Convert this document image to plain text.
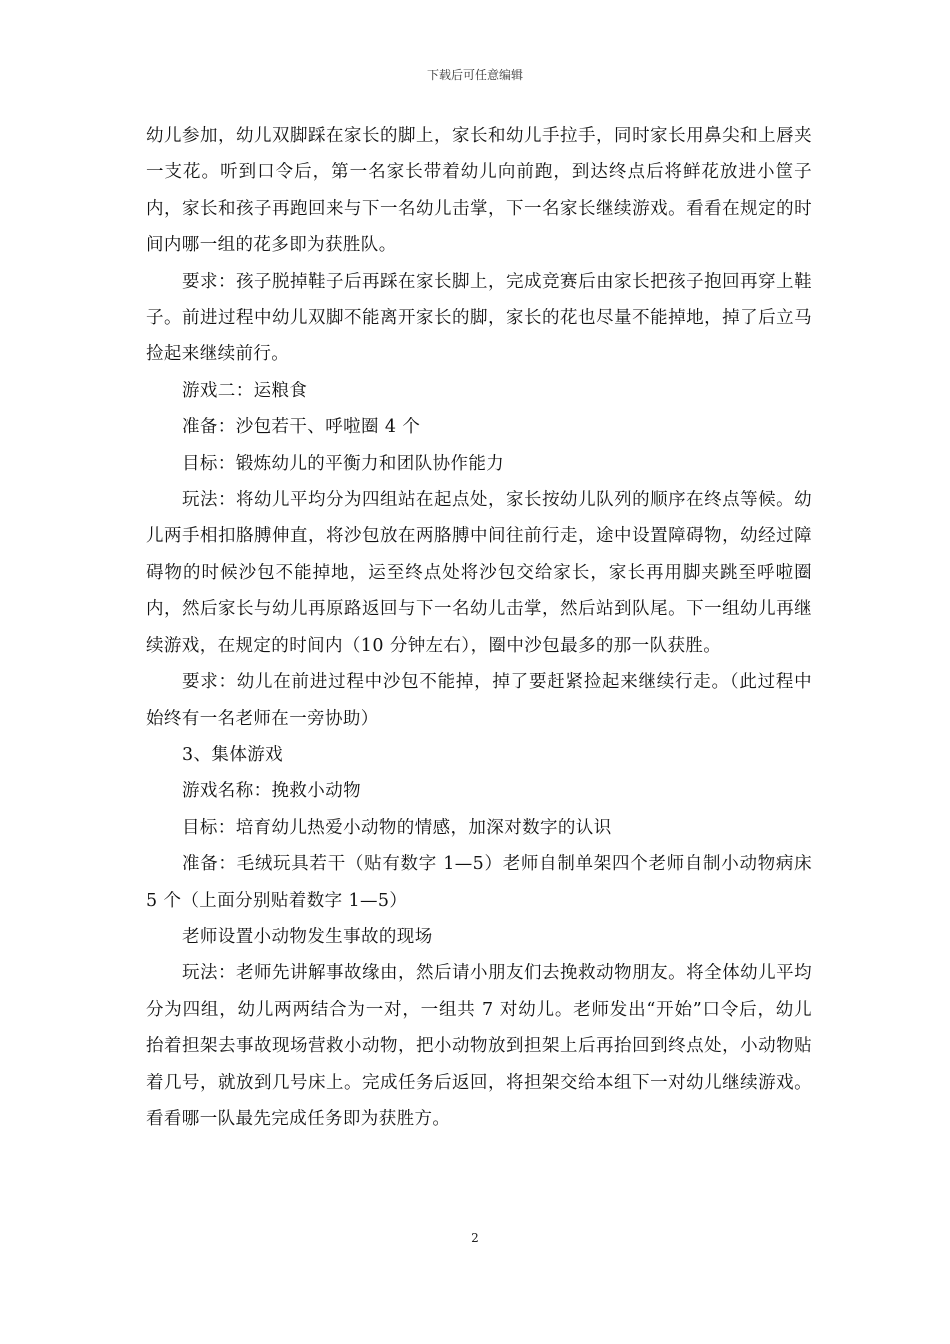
下载后可任意编辑

幼儿参加，幼儿双脚踩在家长的脚上，家长和幼儿手拉手，同时家长用鼻尖和上唇夹一支花。听到口令后，第一名家长带着幼儿向前跑，到达终点后将鲜花放进小筐子内，家长和孩子再跑回来与下一名幼儿击掌，下一名家长继续游戏。看看在规定的时间内哪一组的花多即为获胜队。

要求：孩子脱掉鞋子后再踩在家长脚上，完成竞赛后由家长把孩子抱回再穿上鞋子。前进过程中幼儿双脚不能离开家长的脚，家长的花也尽量不能掉地，掉了后立马捡起来继续前行。

游戏二：运粮食

准备：沙包若干、呼啦圈 4 个

目标：锻炼幼儿的平衡力和团队协作能力

玩法：将幼儿平均分为四组站在起点处，家长按幼儿队列的顺序在终点等候。幼儿两手相扣胳膊伸直，将沙包放在两胳膊中间往前行走，途中设置障碍物，幼经过障碍物的时候沙包不能掉地，运至终点处将沙包交给家长，家长再用脚夹跳至呼啦圈内，然后家长与幼儿再原路返回与下一名幼儿击掌，然后站到队尾。下一组幼儿再继续游戏，在规定的时间内（10 分钟左右），圈中沙包最多的那一队获胜。

要求：幼儿在前进过程中沙包不能掉，掉了要赶紧捡起来继续行走。（此过程中始终有一名老师在一旁协助）

3、集体游戏

游戏名称：挽救小动物

目标：培育幼儿热爱小动物的情感，加深对数字的认识

准备：毛绒玩具若干（贴有数字 1—5）老师自制单架四个老师自制小动物病床 5 个（上面分别贴着数字 1—5）

老师设置小动物发生事故的现场

玩法：老师先讲解事故缘由，然后请小朋友们去挽救动物朋友。将全体幼儿平均分为四组，幼儿两两结合为一对，一组共 7 对幼儿。老师发出“开始”口令后，幼儿抬着担架去事故现场营救小动物，把小动物放到担架上后再抬回到终点处，小动物贴着几号，就放到几号床上。完成任务后返回，将担架交给本组下一对幼儿继续游戏。看看哪一队最先完成任务即为获胜方。

2
